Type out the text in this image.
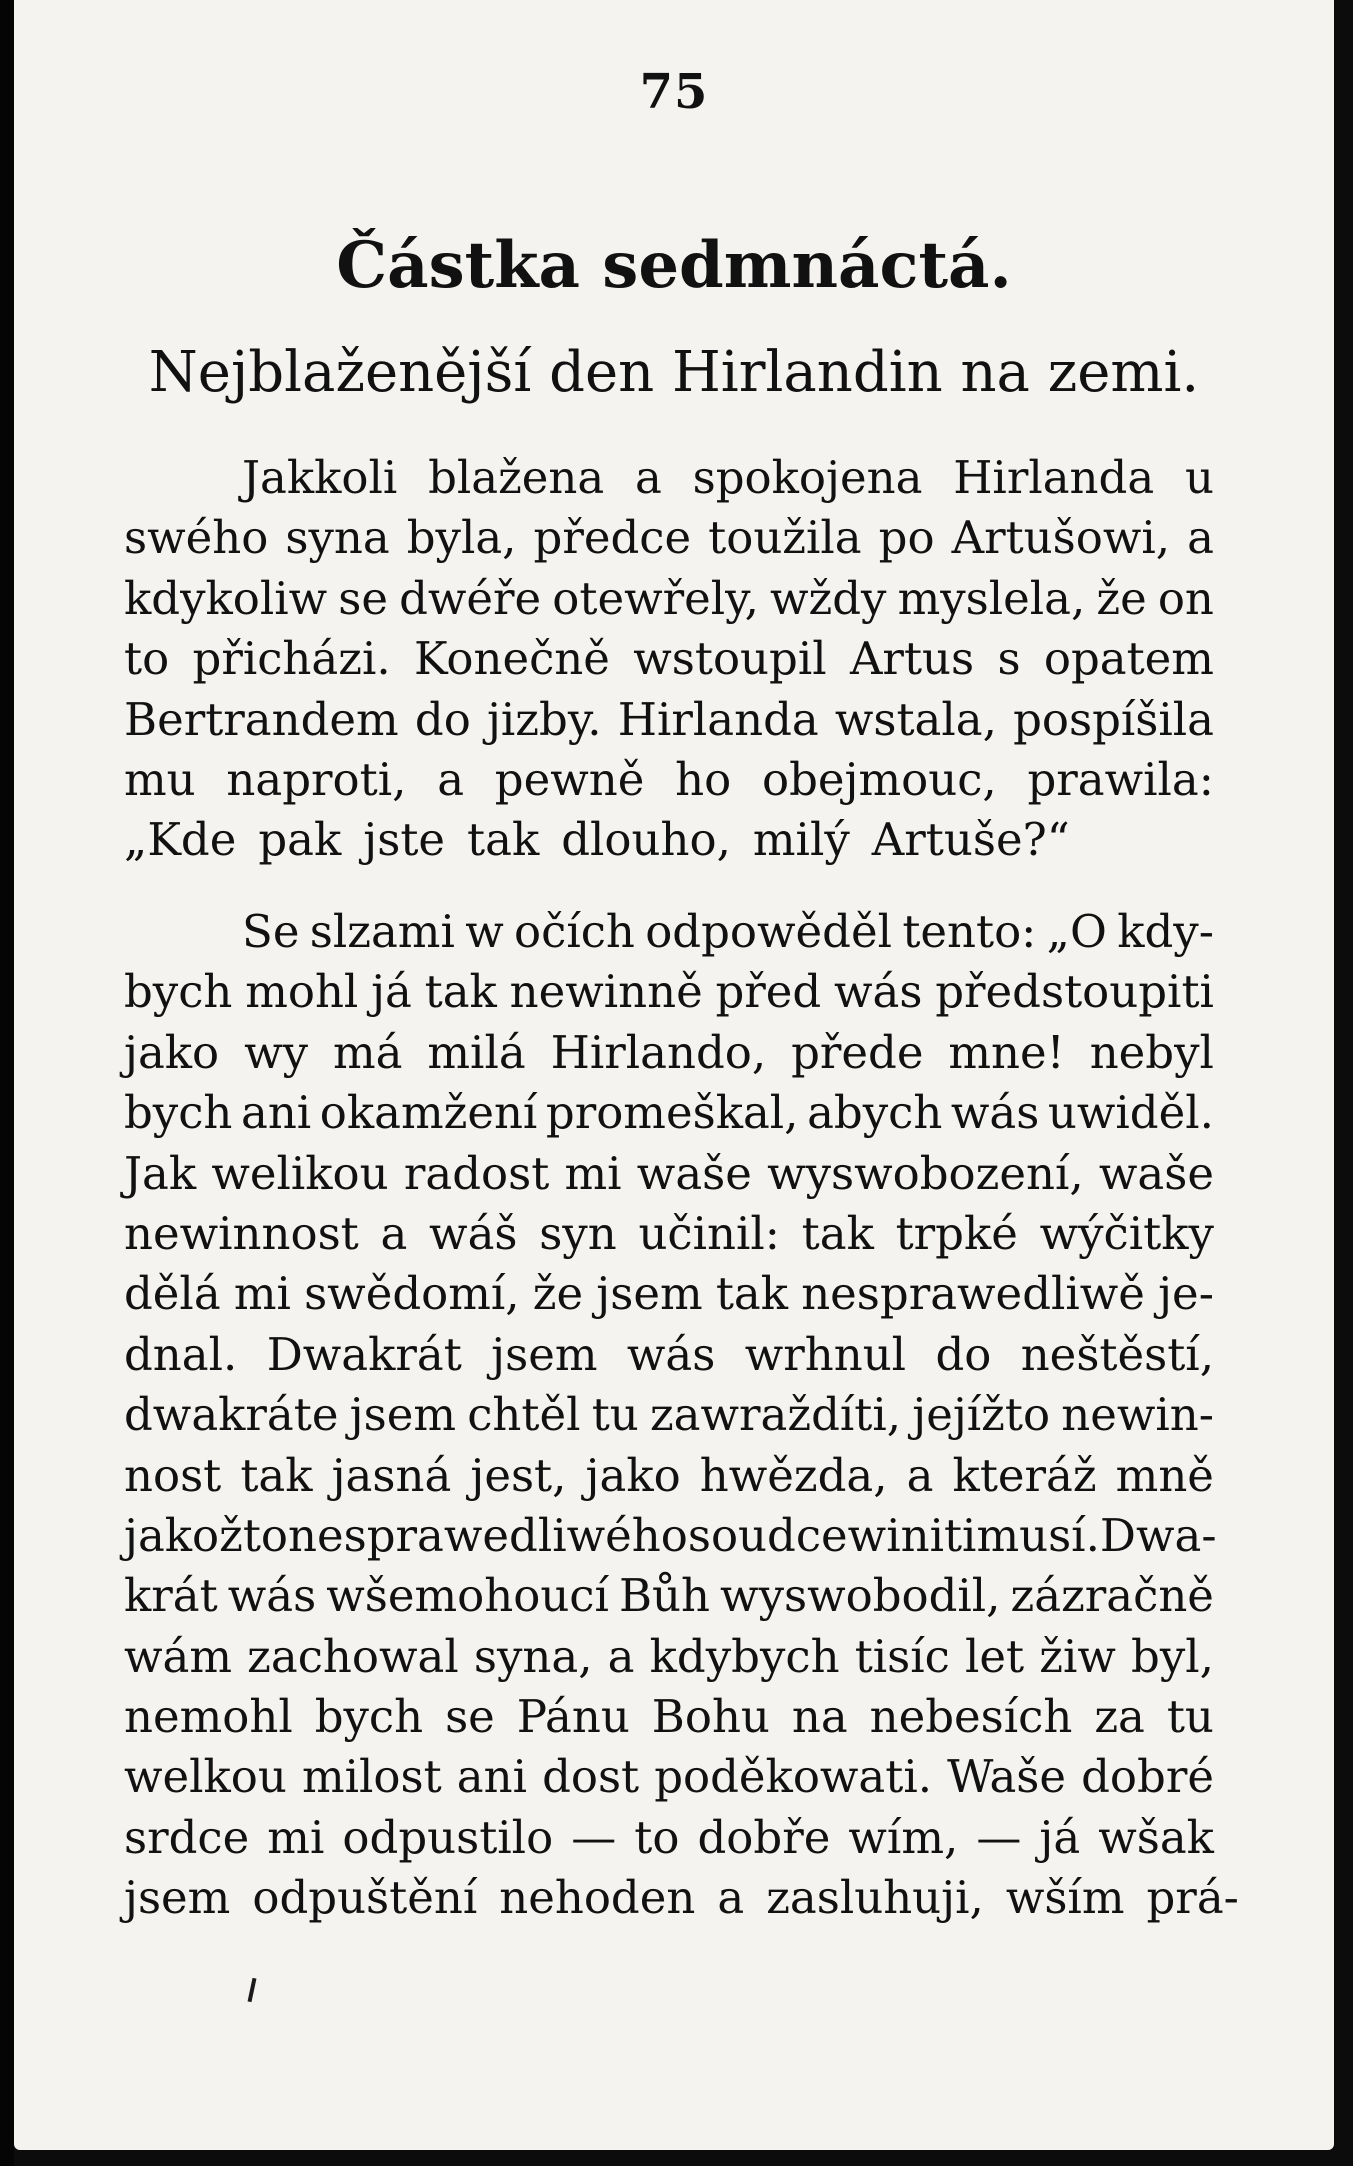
75
Částka sedmnáctá.
Nejblaženější den Hirlandin na zemi.
Jakkoli blažena a spokojena Hirlanda u
swého syna byla, předce toužila po Artušowi, a
kdykoliw se dwéře otewřely, wždy myslela, že on
to přicházi. Konečně wstoupil Artus s opatem
Bertrandem do jizby. Hirlanda wstala, pospíšila
mu naproti, a pewně ho obejmouc, prawila:
„Kde pak jste tak dlouho, milý Artuše?“
Se slzami w očích odpowěděl tento: „O kdy-
bych mohl já tak newinně před wás předstoupiti
jako wy má milá Hirlando, přede mne! nebyl
bych ani okamžení promeškal, abych wás uwiděl.
Jak welikou radost mi waše wyswobození, waše
newinnost a wáš syn učinil: tak trpké wýčitky
dělá mi swědomí, že jsem tak nesprawedliwě je-
dnal. Dwakrát jsem wás wrhnul do neštěstí,
dwakráte jsem chtěl tu zawraždíti, jejížto newin-
nost tak jasná jest, jako hwězda, a kteráž mně
jakožto nesprawedliwého soudce winiti musí. Dwa-
krát wás wšemohoucí Bůh wyswobodil, zázračně
wám zachowal syna, a kdybych tisíc let žiw byl,
nemohl bych se Pánu Bohu na nebesích za tu
welkou milost ani dost poděkowati. Waše dobré
srdce mi odpustilo — to dobře wím, — já wšak
jsem odpuštění nehoden a zasluhuji, wším prá-
